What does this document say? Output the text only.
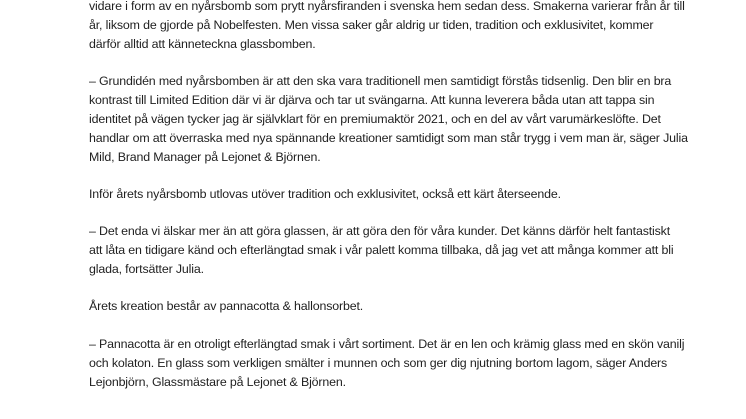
vidare i form av en nyårsbomb som prytt nyårsfiranden i svenska hem sedan dess. Smakerna varierar från år till
år, liksom de gjorde på Nobelfesten. Men vissa saker går aldrig ur tiden, tradition och exklusivitet, kommer
därför alltid att känneteckna glassbomben.

– Grundidén med nyårsbomben är att den ska vara traditionell men samtidigt förstås tidsenlig. Den blir en bra
kontrast till Limited Edition där vi är djärva och tar ut svängarna. Att kunna leverera båda utan att tappa sin
identitet på vägen tycker jag är självklart för en premiumaktör 2021, och en del av vårt varumärkeslöfte. Det
handlar om att överraska med nya spännande kreationer samtidigt som man står trygg i vem man är, säger Julia
Mild, Brand Manager på Lejonet & Björnen.

Inför årets nyårsbomb utlovas utöver tradition och exklusivitet, också ett kärt återseende.

– Det enda vi älskar mer än att göra glassen, är att göra den för våra kunder. Det känns därför helt fantastiskt
att låta en tidigare känd och efterlängtad smak i vår palett komma tillbaka, då jag vet att många kommer att bli
glada, fortsätter Julia.

Årets kreation består av pannacotta & hallonsorbet.

– Pannacotta är en otroligt efterlängtad smak i vårt sortiment. Det är en len och krämig glass med en skön vanilj
och kolaton. En glass som verkligen smälter i munnen och som ger dig njutning bortom lagom, säger Anders
Lejonbjörn, Glassmästare på Lejonet & Björnen.
